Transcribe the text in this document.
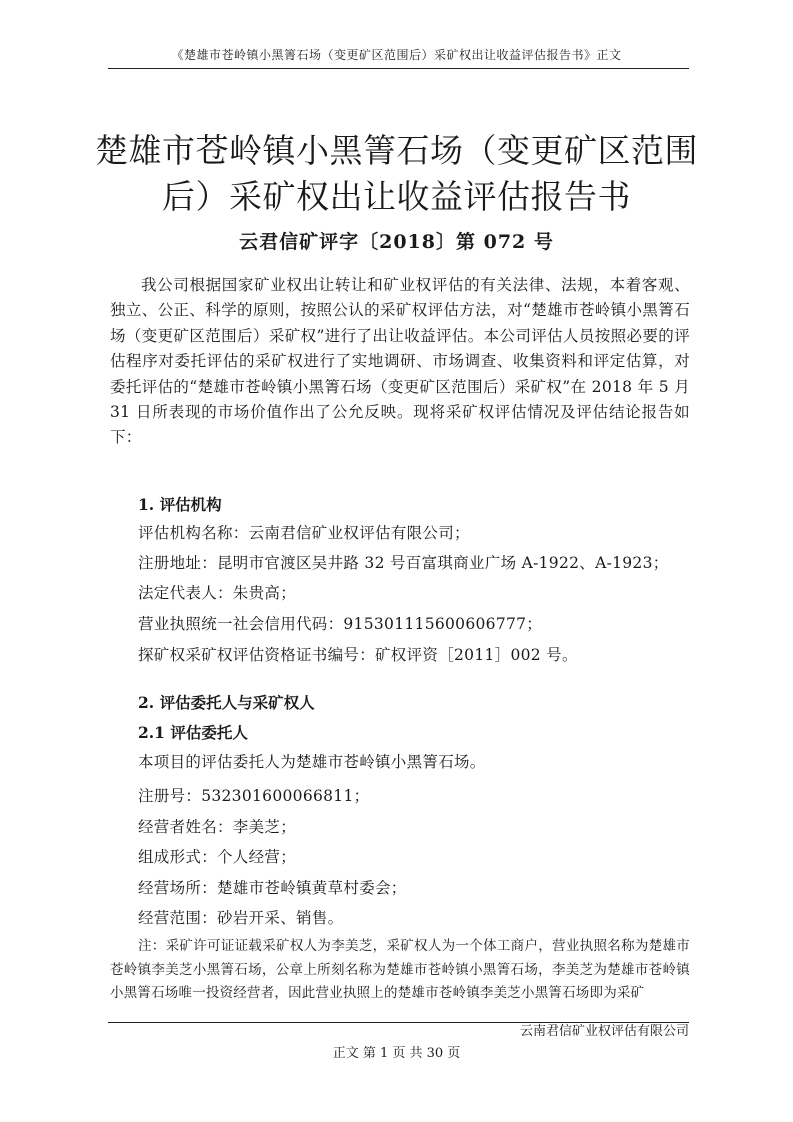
《楚雄市苍岭镇小黑箐石场（变更矿区范围后）采矿权出让收益评估报告书》正文
楚雄市苍岭镇小黑箐石场（变更矿区范围
后）采矿权出让收益评估报告书
云君信矿评字〔2018〕第 072 号

我公司根据国家矿业权出让转让和矿业权评估的有关法律、法规，本着客观、独立、公正、科学的原则，按照公认的采矿权评估方法，对“楚雄市苍岭镇小黑箐石场（变更矿区范围后）采矿权”进行了出让收益评估。本公司评估人员按照必要的评估程序对委托评估的采矿权进行了实地调研、市场调查、收集资料和评定估算，对委托评估的“楚雄市苍岭镇小黑箐石场（变更矿区范围后）采矿权”在 2018 年 5 月 31 日所表现的市场价值作出了公允反映。现将采矿权评估情况及评估结论报告如下：

1. 评估机构
评估机构名称：云南君信矿业权评估有限公司；
注册地址：昆明市官渡区吴井路 32 号百富琪商业广场 A-1922、A-1923；
法定代表人：朱贵高；
营业执照统一社会信用代码：915301115600606777；
探矿权采矿权评估资格证书编号：矿权评资［2011］002 号。
2. 评估委托人与采矿权人
2.1 评估委托人
本项目的评估委托人为楚雄市苍岭镇小黑箐石场。
注册号：532301600066811；
经营者姓名：李美芝；
组成形式：个人经营；
经营场所：楚雄市苍岭镇黄草村委会；
经营范围：砂岩开采、销售。

注：采矿许可证证载采矿权人为李美芝，采矿权人为一个体工商户，营业执照名称为楚雄市苍岭镇李美芝小黑箐石场，公章上所刻名称为楚雄市苍岭镇小黑箐石场，李美芝为楚雄市苍岭镇小黑箐石场唯一投资经营者，因此营业执照上的楚雄市苍岭镇李美芝小黑箐石场即为采矿

云南君信矿业权评估有限公司
正文 第 1 页 共 30 页
